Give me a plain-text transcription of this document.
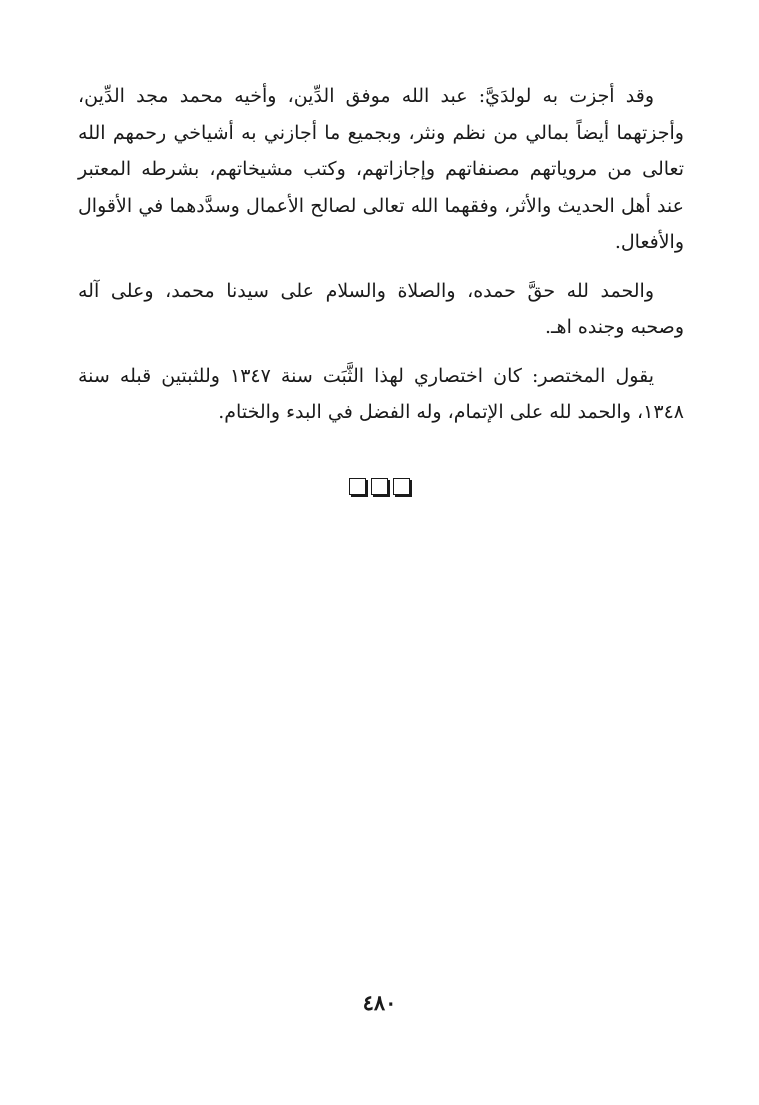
وقد أجزت به لولدَيَّ: عبد الله موفق الدِّين، وأخيه محمد مجد الدِّين، وأجزتهما أيضاً بمالي من نظم ونثر، وبجميع ما أجازني به أشياخي رحمهم الله تعالى من مروياتهم مصنفاتهم وإجازاتهم، وكتب مشيخاتهم، بشرطه المعتبر عند أهل الحديث والأثر، وفقهما الله تعالى لصالح الأعمال وسدَّدهما في الأقوال والأفعال.

والحمد لله حقَّ حمده، والصلاة والسلام على سيدنا محمد، وعلى آله وصحبه وجنده اهـ.

يقول المختصر: كان اختصاري لهذا الثَّبَت سنة ١٣٤٧ وللثبتين قبله سنة ١٣٤٨، والحمد لله على الإتمام، وله الفضل في البدء والختام.

٤٨٠
